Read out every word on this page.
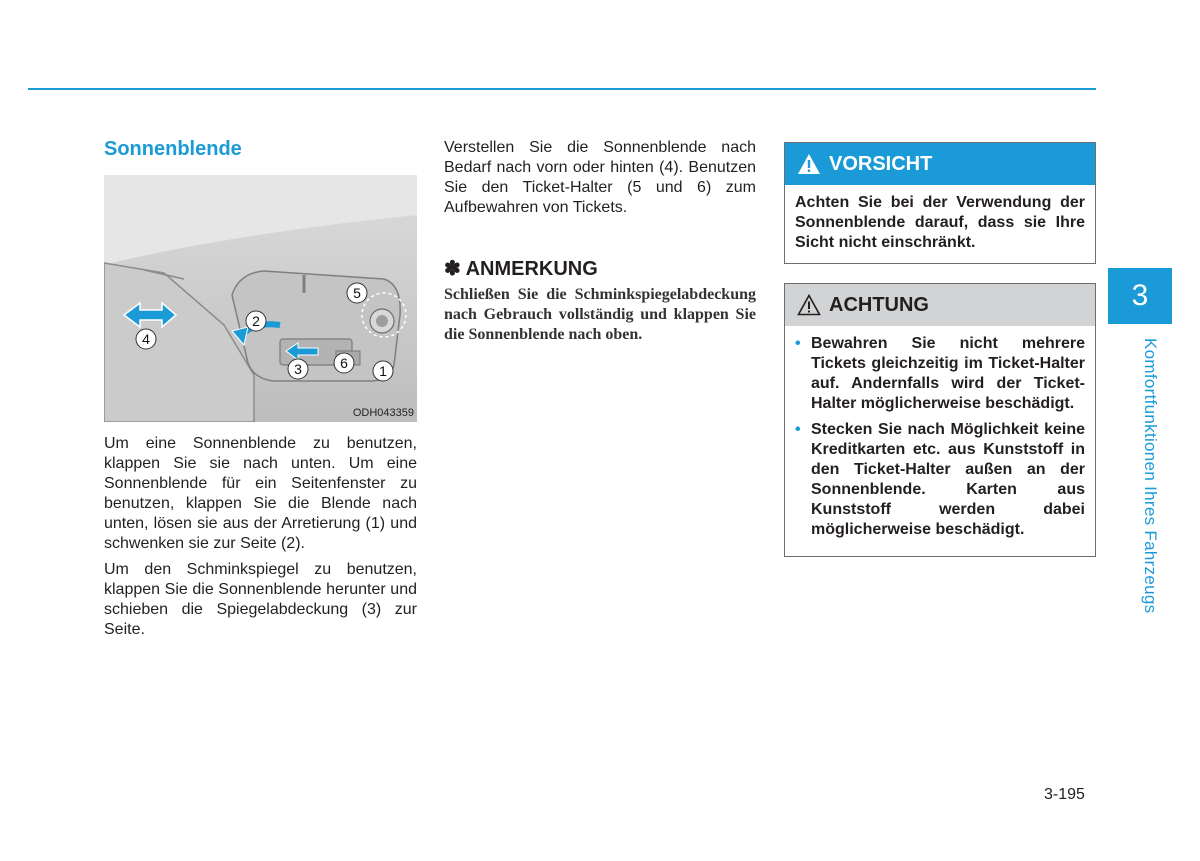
Sonnenblende
1
2
3
4
5
6
ODH043359

Um eine Sonnenblende zu benutzen, klappen Sie sie nach unten. Um eine Sonnenblende für ein Seitenfenster zu benutzen, klappen Sie die Blende nach unten, lösen sie aus der Arretierung (1) und schwenken sie zur Seite (2).

Um den Schminkspiegel zu benutzen, klappen Sie die Sonnenblende herunter und schieben die Spiegelabdeckung (3) zur Seite.

Verstellen Sie die Sonnenblende nach Bedarf nach vorn oder hinten (4). Benutzen Sie den Ticket-Halter (5 und 6) zum Aufbewahren von Tickets.

✽ ANMERKUNG

Schließen Sie die Schminkspiegelabdeckung nach Gebrauch vollständig und klappen Sie die Sonnenblende nach oben.

VORSICHT
Achten Sie bei der Verwendung der Sonnenblende darauf, dass sie Ihre Sicht nicht einschränkt.
ACHTUNG
• Bewahren Sie nicht mehrere Tickets gleichzeitig im Ticket-Halter auf. Andernfalls wird der Ticket-Halter möglicherweise beschädigt.
• Stecken Sie nach Möglichkeit keine Kreditkarten etc. aus Kunststoff in den Ticket-Halter außen an der Sonnenblende. Karten aus Kunststoff werden dabei möglicherweise beschädigt.
3
Komfortfunktionen Ihres Fahrzeugs
3-195
